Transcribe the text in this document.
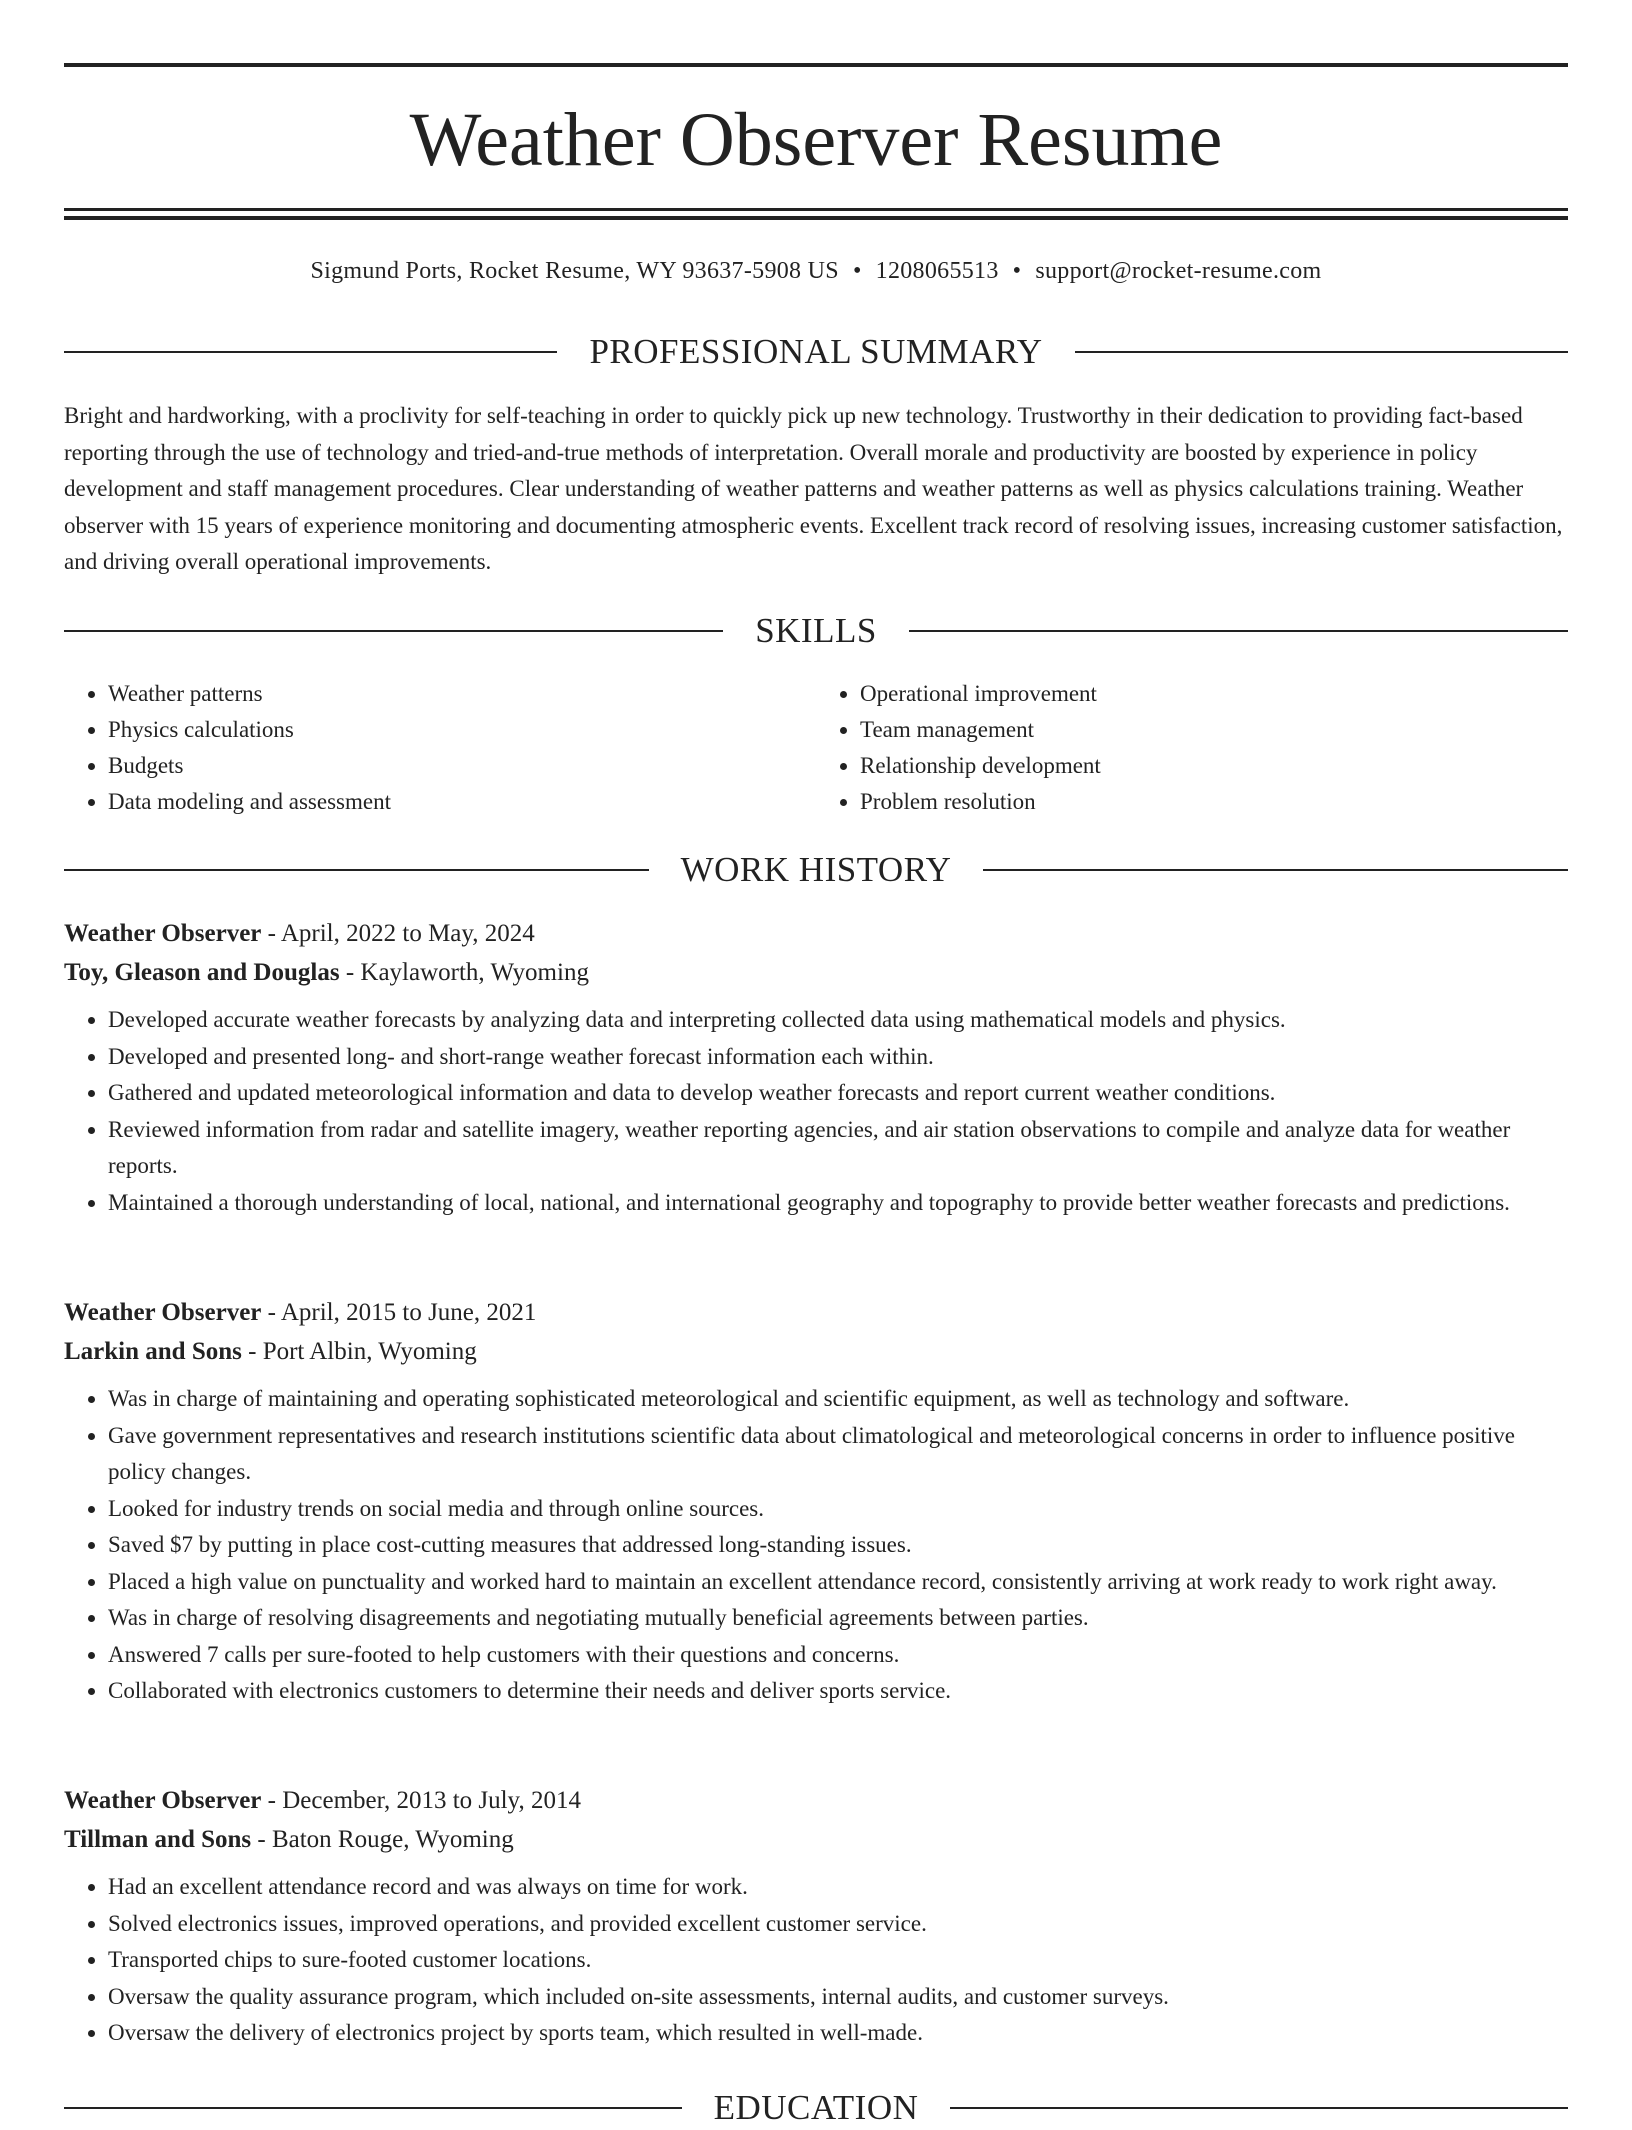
Weather Observer Resume
Sigmund Ports, Rocket Resume, WY 93637-5908 US • 1208065513 • support@rocket-resume.com
PROFESSIONAL SUMMARY

Bright and hardworking, with a proclivity for self-teaching in order to quickly pick up new technology. Trustworthy in their dedication to providing fact-based reporting through the use of technology and tried-and-true methods of interpretation. Overall morale and productivity are boosted by experience in policy development and staff management procedures. Clear understanding of weather patterns and weather patterns as well as physics calculations training. Weather observer with 15 years of experience monitoring and documenting atmospheric events. Excellent track record of resolving issues, increasing customer satisfaction, and driving overall operational improvements.

SKILLS
• Weather patterns
• Physics calculations
• Budgets
• Data modeling and assessment
• Operational improvement
• Team management
• Relationship development
• Problem resolution
WORK HISTORY
Weather Observer - April, 2022 to May, 2024
Toy, Gleason and Douglas - Kaylaworth, Wyoming
• Developed accurate weather forecasts by analyzing data and interpreting collected data using mathematical models and physics.
• Developed and presented long- and short-range weather forecast information each within.
• Gathered and updated meteorological information and data to develop weather forecasts and report current weather conditions.
• Reviewed information from radar and satellite imagery, weather reporting agencies, and air station observations to compile and analyze data for weather reports.
• Maintained a thorough understanding of local, national, and international geography and topography to provide better weather forecasts and predictions.
Weather Observer - April, 2015 to June, 2021
Larkin and Sons - Port Albin, Wyoming
• Was in charge of maintaining and operating sophisticated meteorological and scientific equipment, as well as technology and software.
• Gave government representatives and research institutions scientific data about climatological and meteorological concerns in order to influence positive policy changes.
• Looked for industry trends on social media and through online sources.
• Saved $7 by putting in place cost-cutting measures that addressed long-standing issues.
• Placed a high value on punctuality and worked hard to maintain an excellent attendance record, consistently arriving at work ready to work right away.
• Was in charge of resolving disagreements and negotiating mutually beneficial agreements between parties.
• Answered 7 calls per sure-footed to help customers with their questions and concerns.
• Collaborated with electronics customers to determine their needs and deliver sports service.
Weather Observer - December, 2013 to July, 2014
Tillman and Sons - Baton Rouge, Wyoming
• Had an excellent attendance record and was always on time for work.
• Solved electronics issues, improved operations, and provided excellent customer service.
• Transported chips to sure-footed customer locations.
• Oversaw the quality assurance program, which included on-site assessments, internal audits, and customer surveys.
• Oversaw the delivery of electronics project by sports team, which resulted in well-made.
EDUCATION
